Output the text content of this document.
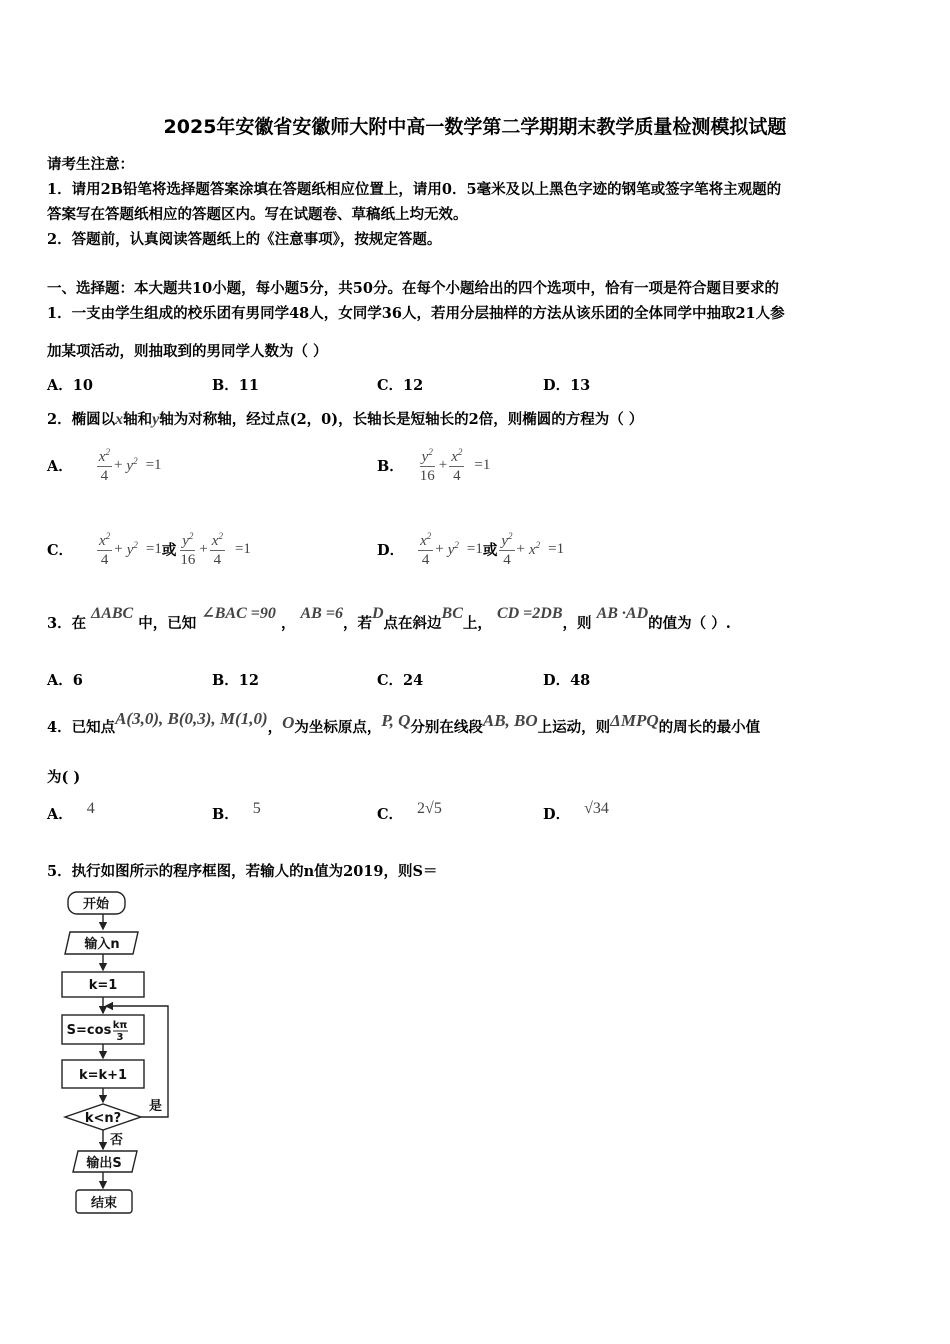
2025年安徽省安徽师大附中高一数学第二学期期末教学质量检测模拟试题
请考生注意：
1．请用2B铅笔将选择题答案涂填在答题纸相应位置上，请用0．5毫米及以上黑色字迹的钢笔或签字笔将主观题的
答案写在答题纸相应的答题区内。写在试题卷、草稿纸上均无效。
2．答题前，认真阅读答题纸上的《注意事项》，按规定答题。
一、选择题：本大题共10小题，每小题5分，共50分。在每个小题给出的四个选项中，恰有一项是符合题目要求的
1．一支由学生组成的校乐团有男同学48人，女同学36人，若用分层抽样的方法从该乐团的全体同学中抽取21人参
加某项活动，则抽取到的男同学人数为（ ）
A．10	B．11	C．12	D．13
2．椭圆以x轴和y轴为对称轴，经过点(2，0)，长轴长是短轴长的2倍，则椭圆的方程为（ ）
A． $\frac{x^2}{4} + y^2 =1$	B． $\frac{y^2}{16} + \frac{x^2}{4} =1$
C． $\frac{x^2}{4} + y^2 =1$ 或 $\frac{y^2}{16} + \frac{x^2}{4} =1$	D． $\frac{x^2}{4} + y^2 =1$ 或 $\frac{y^2}{4} + x^2 =1$
3．在 ΔABC 中，已知 ∠BAC =90 ， AB =6，若D点在斜边BC上， CD =2DB，则 AB ·AD的值为（ ）.
A．6	B．12	C．24	D．48
4．已知点A(3,0), B(0,3), M(1,0)，O为坐标原点，P, Q分别在线段AB, BO上运动，则ΔMPQ的周长的最小值
为( )
A． 4	B． 5	C． 2√5	D． √34
5．执行如图所示的程序框图，若输人的n值为2019，则S＝
开始
输入n
k=1
S=cos kπ
3
k=k+1
k<n?
是
否
输出S
结束
